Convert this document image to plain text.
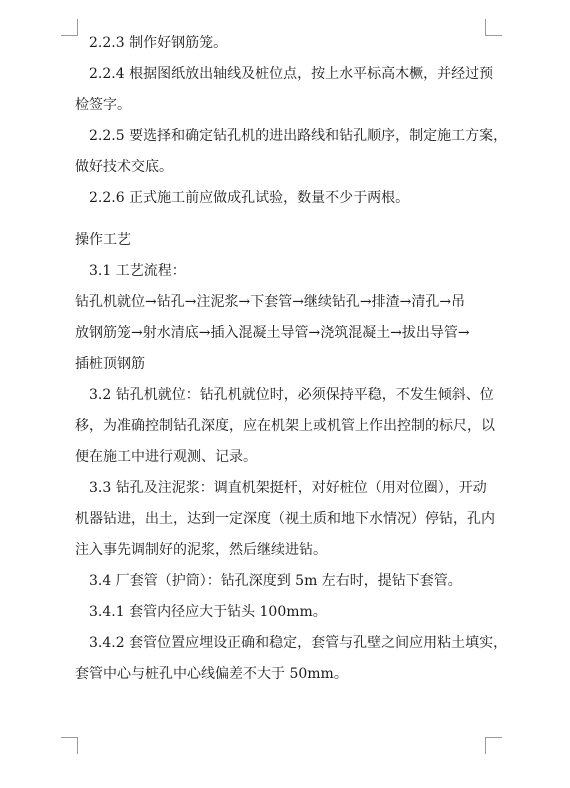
2.2.3 制作好钢筋笼。
2.2.4 根据图纸放出轴线及桩位点，按上水平标高木橛，并经过预
检签字。
2.2.5 要选择和确定钻孔机的进出路线和钻孔顺序，制定施工方案，
做好技术交底。
2.2.6 正式施工前应做成孔试验，数量不少于两根。
操作工艺
3.1 工艺流程：
钻孔机就位→钻孔→注泥浆→下套管→继续钻孔→排渣→清孔→吊
放钢筋笼→射水清底→插入混凝土导管→浇筑混凝土→拔出导管→
插桩顶钢筋
3.2 钻孔机就位：钻孔机就位时，必须保持平稳，不发生倾斜、位
移，为准确控制钻孔深度，应在机架上或机管上作出控制的标尺，以
便在施工中进行观测、记录。
3.3 钻孔及注泥浆：调直机架挺杆，对好桩位（用对位圈），开动
机器钻进，出土，达到一定深度（视土质和地下水情况）停钻，孔内
注入事先调制好的泥浆，然后继续进钻。
3.4 厂套管（护筒）：钻孔深度到 5m 左右时，提钻下套管。
3.4.1 套管内径应大于钻头 100mm。
3.4.2 套管位置应埋设正确和稳定，套管与孔壁之间应用粘土填实，
套管中心与桩孔中心线偏差不大于 50mm。
